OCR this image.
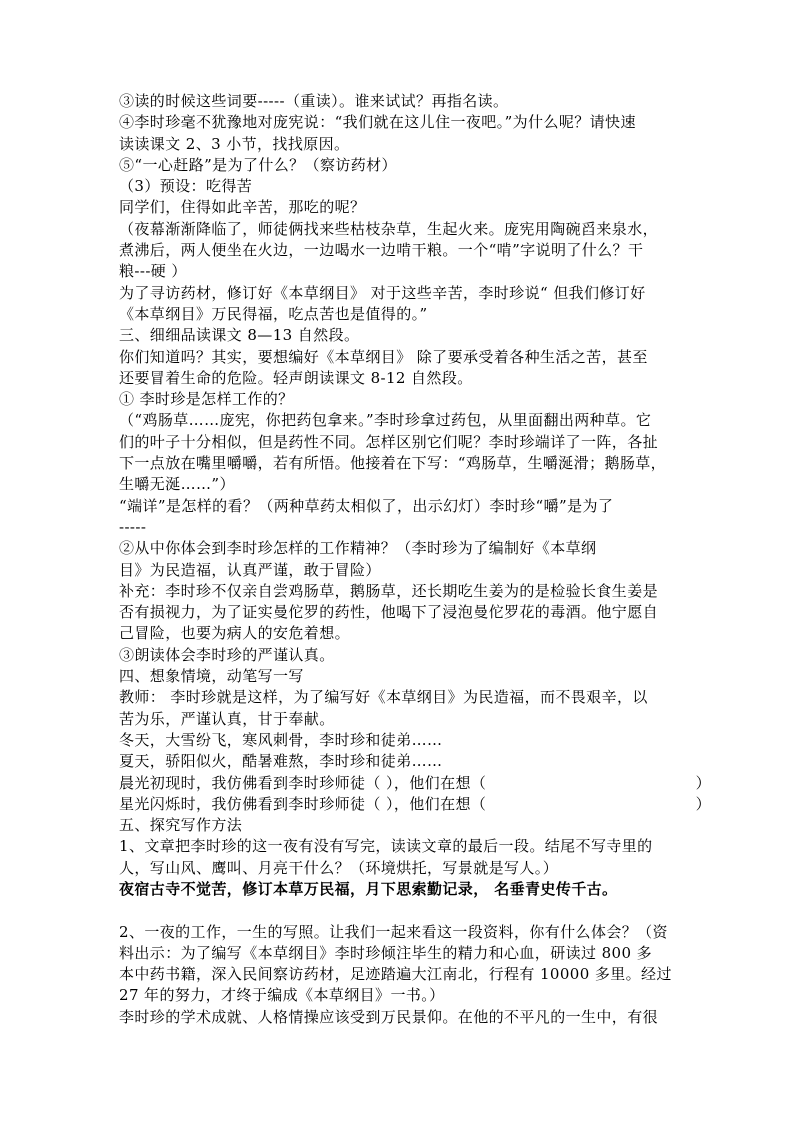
③读的时候这些词要-----（重读）。谁来试试？再指名读。
④李时珍毫不犹豫地对庞宪说：“我们就在这儿住一夜吧。”为什么呢？请快速
读读课文 2、3 小节，找找原因。
⑤“一心赶路”是为了什么？（察访药材）
（3）预设：吃得苦
同学们，住得如此辛苦，那吃的呢？
（夜幕渐渐降临了，师徒俩找来些枯枝杂草，生起火来。庞宪用陶碗舀来泉水，
煮沸后，两人便坐在火边，一边喝水一边啃干粮。一个“啃”字说明了什么？干
粮---硬 ）
为了寻访药材，修订好《本草纲目》 对于这些辛苦，李时珍说“ 但我们修订好
《本草纲目》万民得福，吃点苦也是值得的。”
三、细细品读课文 8—13 自然段。
你们知道吗？其实，要想编好《本草纲目》 除了要承受着各种生活之苦，甚至
还要冒着生命的危险。轻声朗读课文 8-12 自然段。
① 李时珍是怎样工作的？
（“鸡肠草……庞宪，你把药包拿来。”李时珍拿过药包，从里面翻出两种草。它
们的叶子十分相似，但是药性不同。怎样区别它们呢？李时珍端详了一阵，各扯
下一点放在嘴里嚼嚼，若有所悟。他接着在下写：“鸡肠草，生嚼涎滑；鹅肠草，
生嚼无涎……”）
“端详”是怎样的看？（两种草药太相似了，出示幻灯）李时珍“嚼”是为了
-----
②从中你体会到李时珍怎样的工作精神？（李时珍为了编制好《本草纲
目》为民造福，认真严谨，敢于冒险）
补充：李时珍不仅亲自尝鸡肠草，鹅肠草，还长期吃生姜为的是检验长食生姜是
否有损视力，为了证实曼佗罗的药性，他喝下了浸泡曼佗罗花的毒酒。他宁愿自
己冒险，也要为病人的安危着想。
③朗读体会李时珍的严谨认真。
四、想象情境，动笔写一写
教师： 李时珍就是这样，为了编写好《本草纲目》为民造福，而不畏艰辛，以
苦为乐，严谨认真，甘于奉献。
冬天，大雪纷飞，寒风刺骨，李时珍和徒弟……
夏天，骄阳似火，酷暑难熬，李时珍和徒弟……
晨光初现时，我仿佛看到李时珍师徒（ ），他们在想（	）
星光闪烁时，我仿佛看到李时珍师徒（ ），他们在想（	）
五、探究写作方法
1、文章把李时珍的这一夜有没有写完，读读文章的最后一段。结尾不写寺里的
人，写山风、鹰叫、月亮干什么？（环境烘托，写景就是写人。）
夜宿古寺不觉苦，修订本草万民福，月下思索勤记录， 名垂青史传千古。
2、一夜的工作，一生的写照。让我们一起来看这一段资料，你有什么体会？（资
料出示：为了编写《本草纲目》李时珍倾注毕生的精力和心血，研读过 800 多
本中药书籍，深入民间察访药材，足迹踏遍大江南北，行程有 10000 多里。经过
27 年的努力，才终于编成《本草纲目》一书。）
李时珍的学术成就、人格情操应该受到万民景仰。在他的不平凡的一生中，有很
